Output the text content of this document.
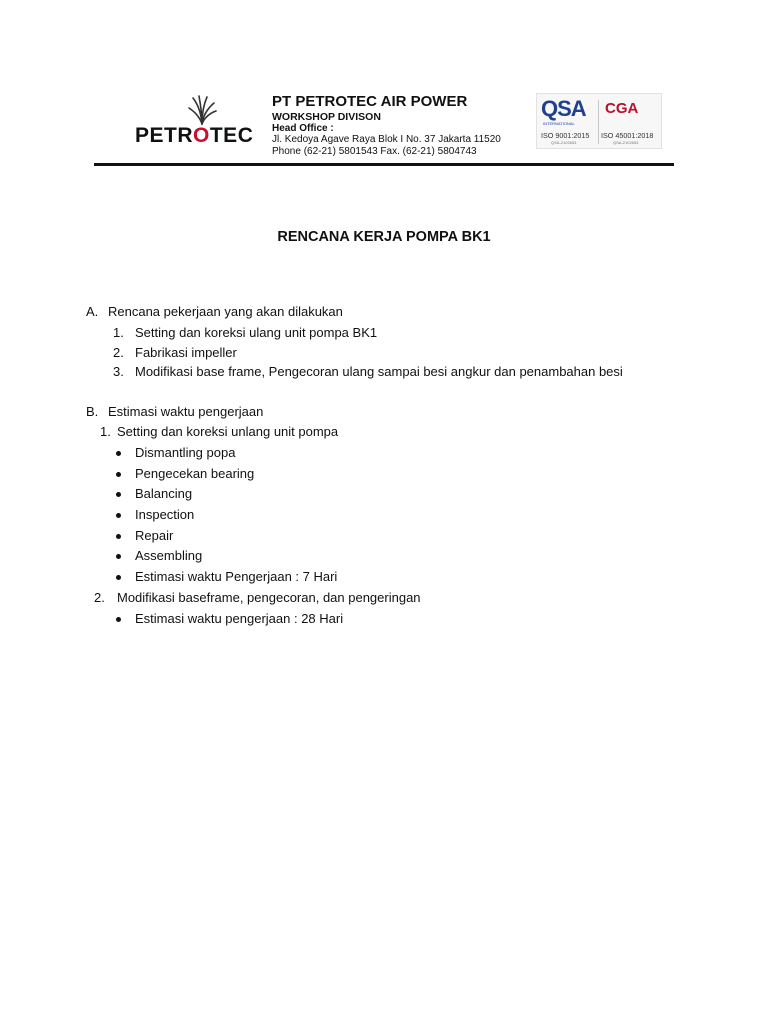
PETROTEC
PT PETROTEC AIR POWER
WORKSHOP DIVISON
Head Office :
Jl. Kedoya Agave Raya Blok I No. 37 Jakarta 11520
Phone (62-21) 5801543 Fax. (62-21) 5804743
QSA
INTERNATIONAL
CGA
ISO 9001:2015 ISO 45001:2018
QSA-2102653	QSA-2102653
RENCANA KERJA POMPA BK1
A. Rencana pekerjaan yang akan dilakukan
1. Setting dan koreksi ulang unit pompa BK1
2. Fabrikasi impeller
3. Modifikasi base frame, Pengecoran ulang sampai besi angkur dan penambahan besi
B. Estimasi waktu pengerjaan
1. Setting dan koreksi unlang unit pompa
Dismantling popa
Pengecekan bearing
Balancing
Inspection
Repair
Assembling
Estimasi waktu Pengerjaan : 7 Hari
2. Modifikasi baseframe, pengecoran, dan pengeringan
Estimasi waktu pengerjaan : 28 Hari
